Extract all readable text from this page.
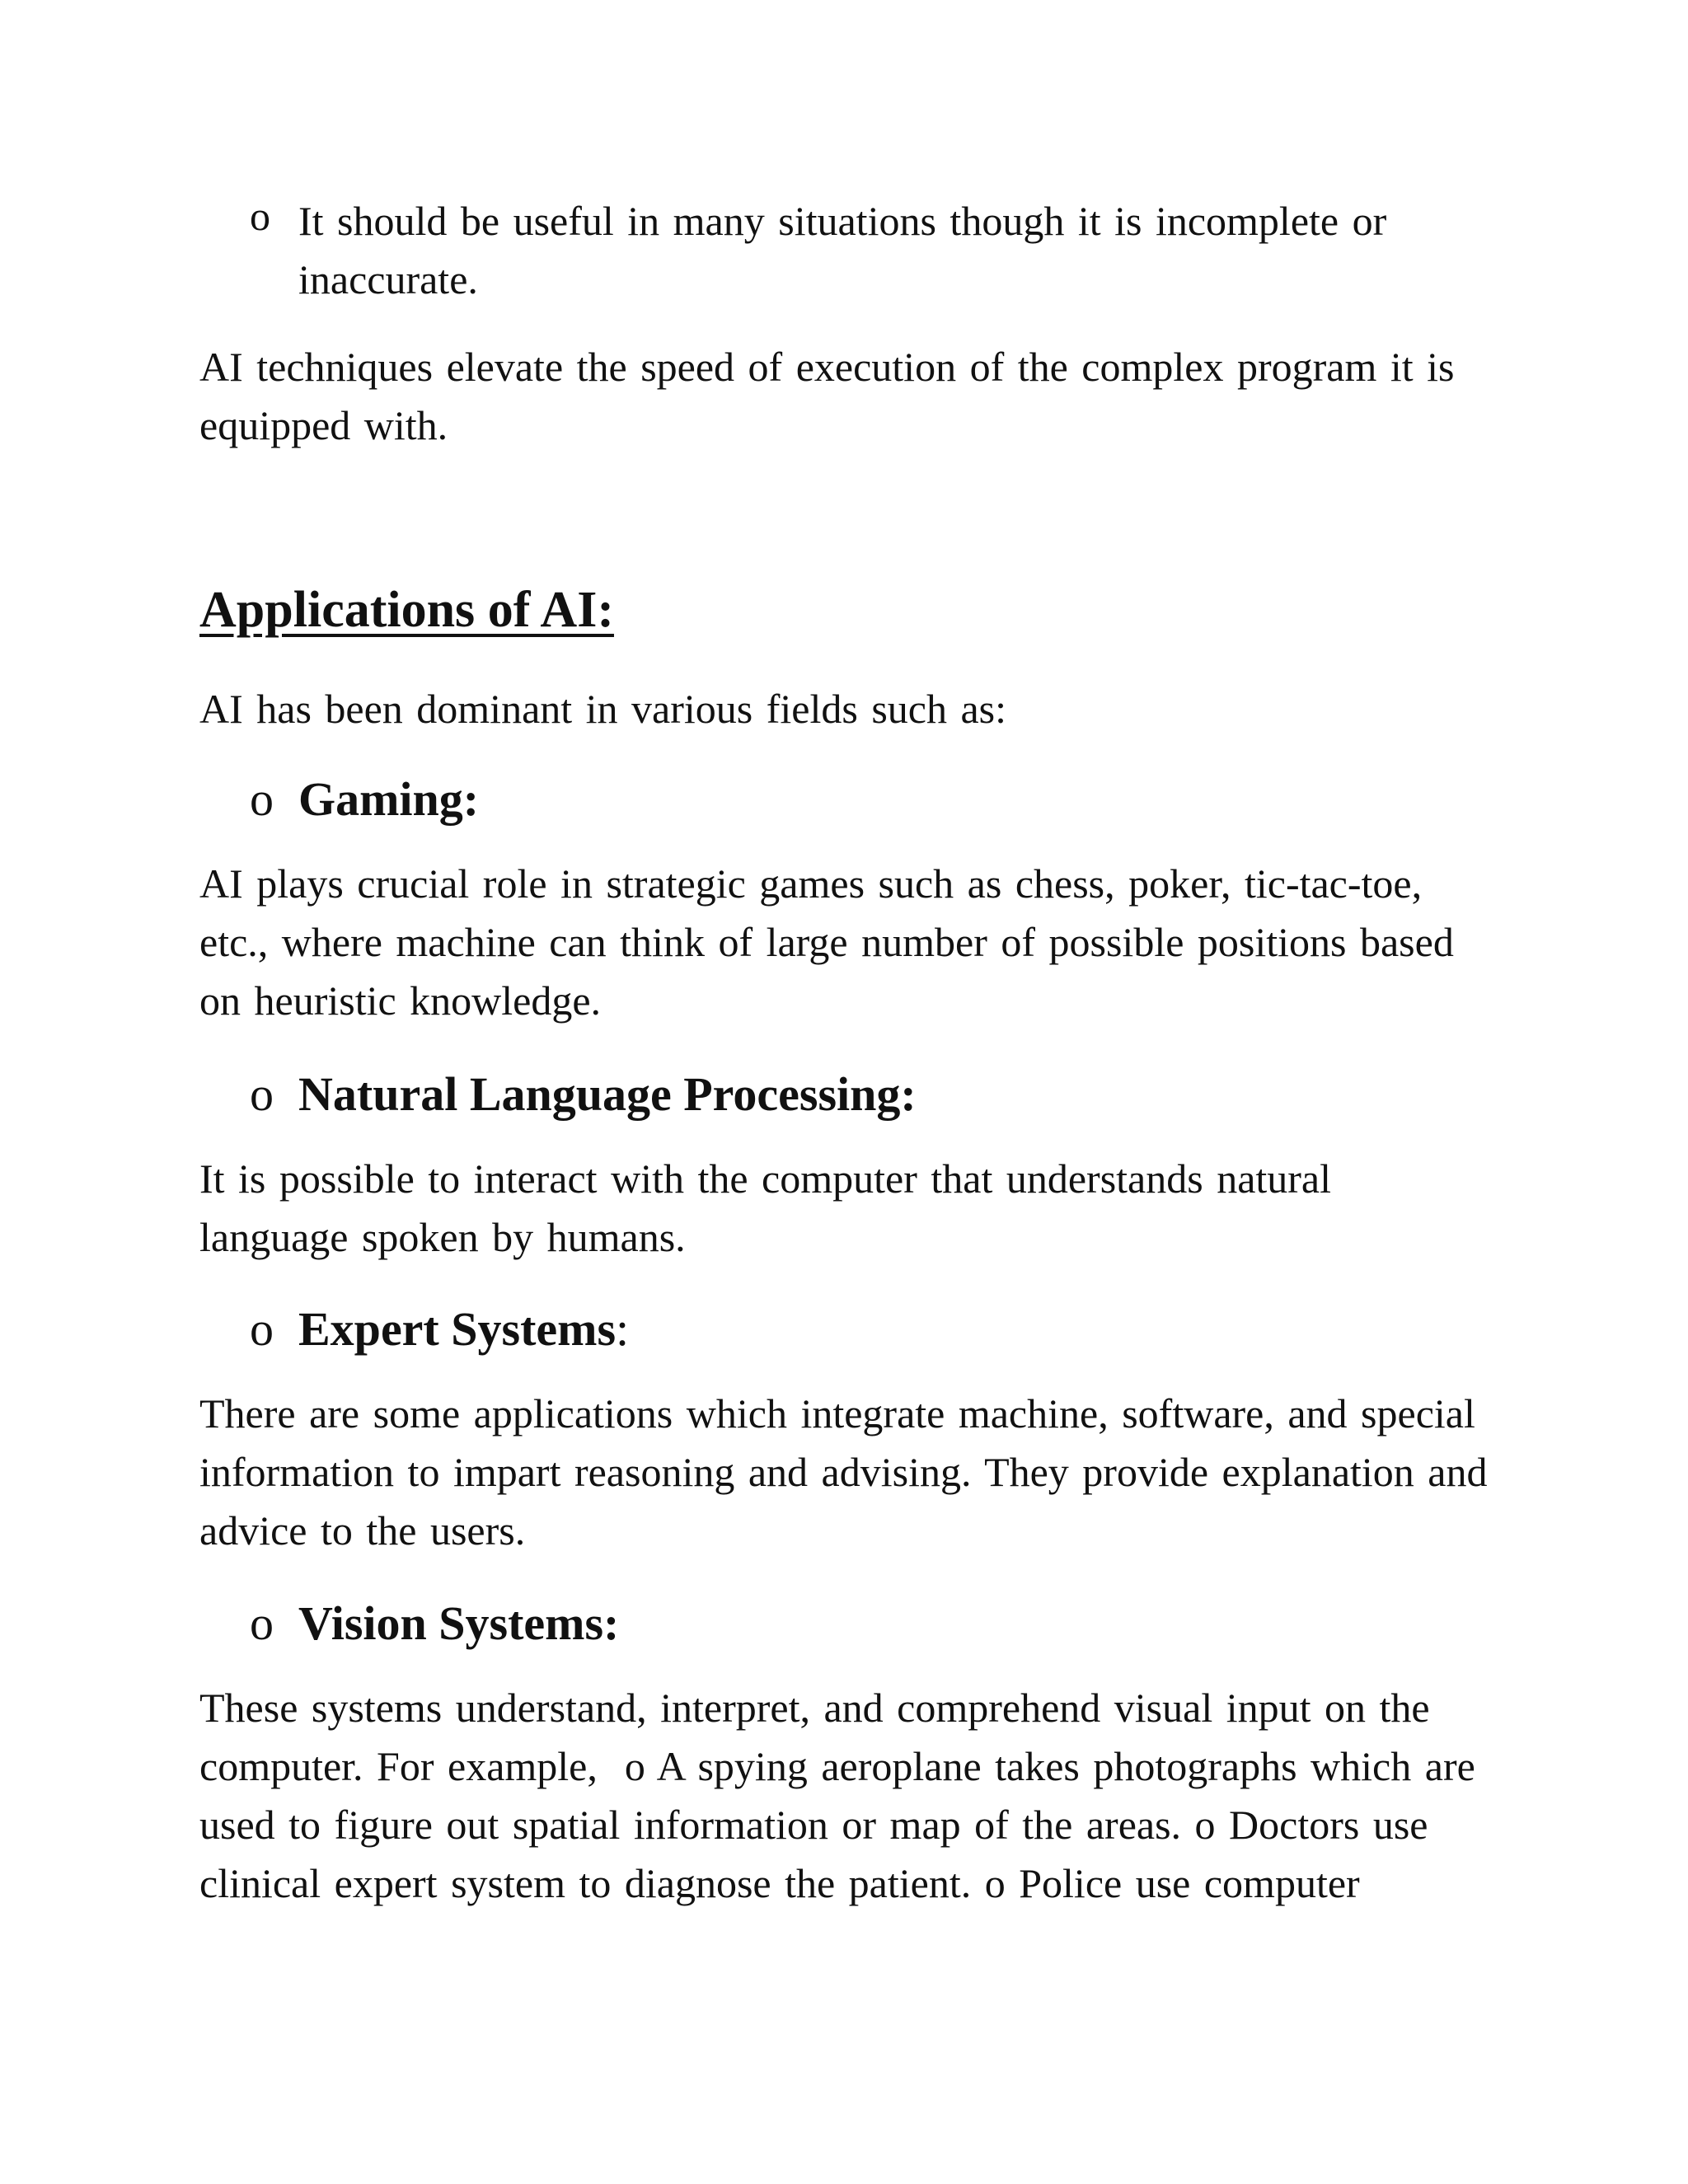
o It should be useful in many situations though it is incomplete or inaccurate.

AI techniques elevate the speed of execution of the complex program it is equipped with.

Applications of AI:

AI has been dominant in various fields such as:

o Gaming:

AI plays crucial role in strategic games such as chess, poker, tic-tac-toe, etc., where machine can think of large number of possible positions based on heuristic knowledge.

o Natural Language Processing:

It is possible to interact with the computer that understands natural language spoken by humans.

o Expert Systems:

There are some applications which integrate machine, software, and special information to impart reasoning and advising. They provide explanation and advice to the users.

o Vision Systems:

These systems understand, interpret, and comprehend visual input on the computer. For example,  o A spying aeroplane takes photographs which are used to figure out spatial information or map of the areas. o Doctors use clinical expert system to diagnose the patient. o Police use computer
